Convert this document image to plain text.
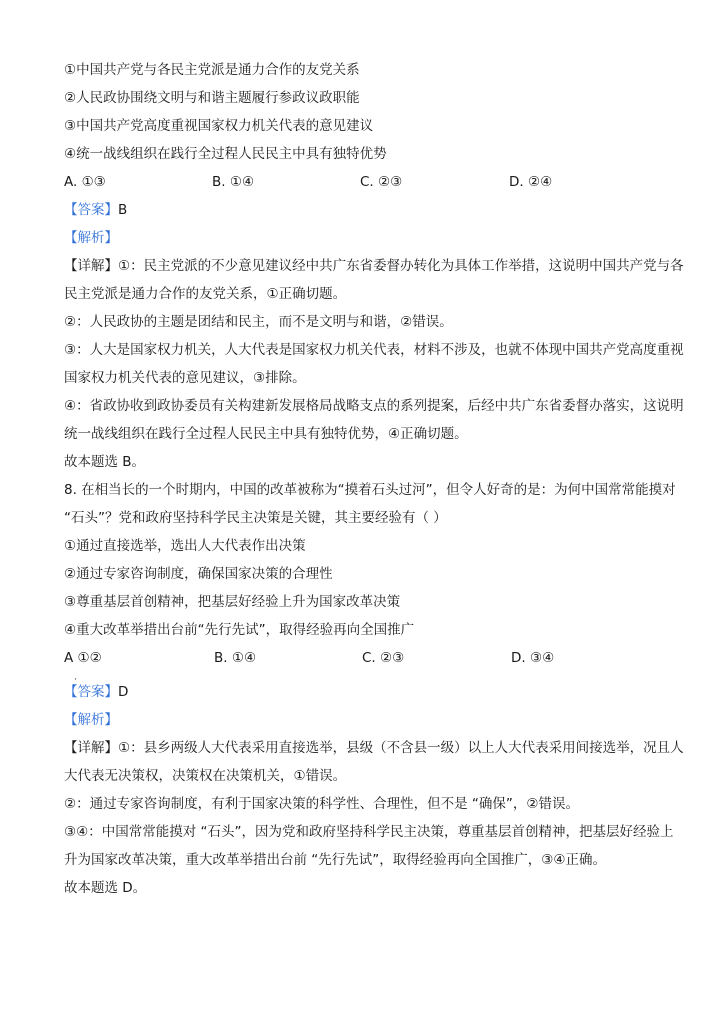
①中国共产党与各民主党派是通力合作的友党关系
②人民政协围绕文明与和谐主题履行参政议政职能
③中国共产党高度重视国家权力机关代表的意见建议
④统一战线组织在践行全过程人民民主中具有独特优势
A. ①③	B. ①④	C. ②③	D. ②④
【答案】B
【解析】
【详解】①：民主党派的不少意见建议经中共广东省委督办转化为具体工作举措，这说明中国共产党与各
民主党派是通力合作的友党关系，①正确切题。
②：人民政协的主题是团结和民主，而不是文明与和谐，②错误。
③：人大是国家权力机关，人大代表是国家权力机关代表，材料不涉及，也就不体现中国共产党高度重视
国家权力机关代表的意见建议，③排除。
④：省政协收到政协委员有关构建新发展格局战略支点的系列提案，后经中共广东省委督办落实，这说明
统一战线组织在践行全过程人民民主中具有独特优势，④正确切题。
故本题选 B。
8. 在相当长的一个时期内，中国的改革被称为“摸着石头过河”，但令人好奇的是：为何中国常常能摸对
“石头”？党和政府坚持科学民主决策是关键，其主要经验有（ ）
①通过直接选举，选出人大代表作出决策
②通过专家咨询制度，确保国家决策的合理性
③尊重基层首创精神，把基层好经验上升为国家改革决策
④重大改革举措出台前“先行先试”，取得经验再向全国推广
A ①②
·
B. ①④	C. ②③	D. ③④
【答案】D
【解析】
【详解】①：县乡两级人大代表采用直接选举，县级（不含县一级）以上人大代表采用间接选举，况且人
大代表无决策权，决策权在决策机关，①错误。
②：通过专家咨询制度，有利于国家决策的科学性、合理性，但不是 “确保”，②错误。
③④：中国常常能摸对 “石头”，因为党和政府坚持科学民主决策，尊重基层首创精神，把基层好经验上
升为国家改革决策，重大改革举措出台前 “先行先试”，取得经验再向全国推广，③④正确。
故本题选 D。
